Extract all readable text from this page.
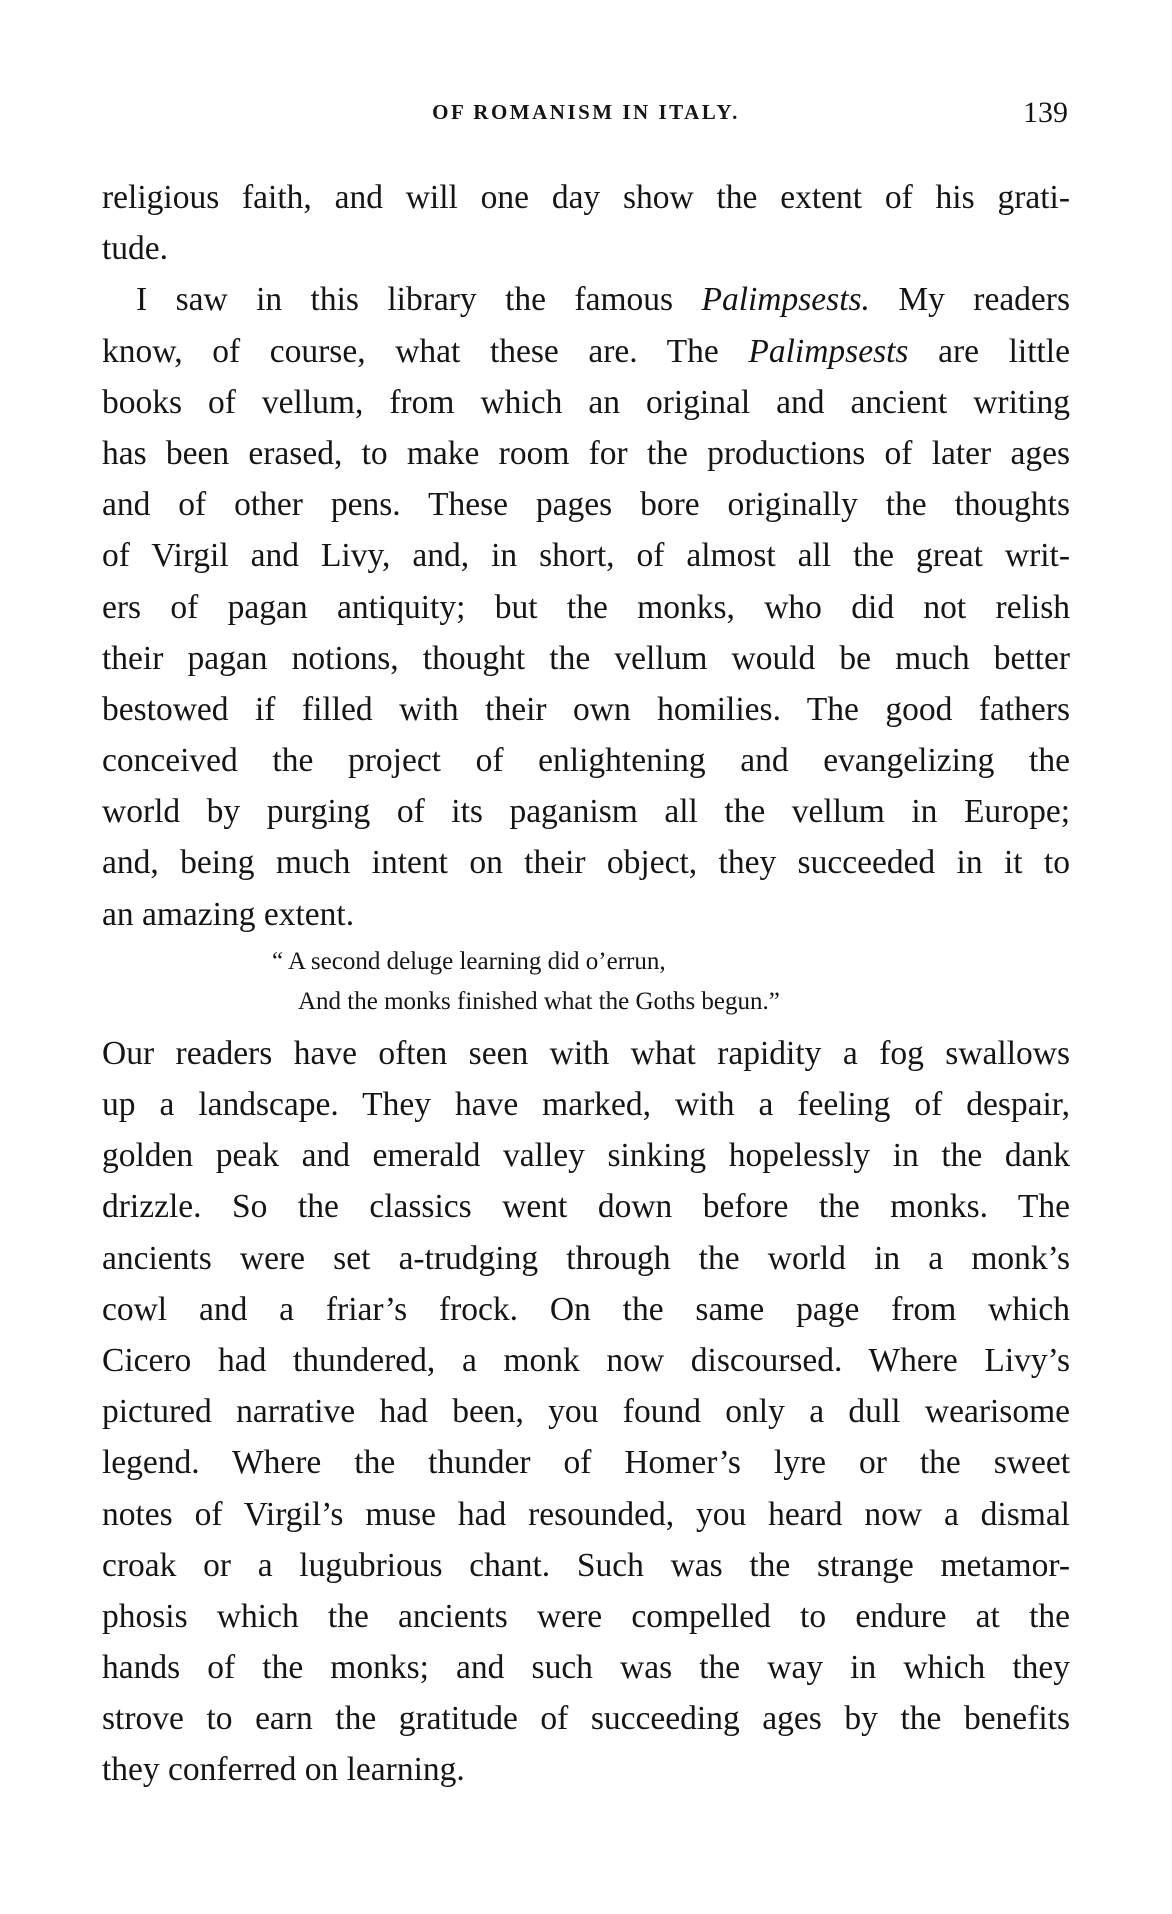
OF ROMANISM IN ITALY.	139
religious faith, and will one day show the extent of his grati-
tude.
I saw in this library the famous Palimpsests. My readers
know, of course, what these are. The Palimpsests are little
books of vellum, from which an original and ancient writing
has been erased, to make room for the productions of later ages
and of other pens. These pages bore originally the thoughts
of Virgil and Livy, and, in short, of almost all the great writ-
ers of pagan antiquity; but the monks, who did not relish
their pagan notions, thought the vellum would be much better
bestowed if filled with their own homilies. The good fathers
conceived the project of enlightening and evangelizing the
world by purging of its paganism all the vellum in Europe;
and, being much intent on their object, they succeeded in it to
an amazing extent.
“ A second deluge learning did o’errun,
And the monks finished what the Goths begun.”
Our readers have often seen with what rapidity a fog swallows
up a landscape. They have marked, with a feeling of despair,
golden peak and emerald valley sinking hopelessly in the dank
drizzle. So the classics went down before the monks. The
ancients were set a-trudging through the world in a monk’s
cowl and a friar’s frock. On the same page from which
Cicero had thundered, a monk now discoursed. Where Livy’s
pictured narrative had been, you found only a dull wearisome
legend. Where the thunder of Homer’s lyre or the sweet
notes of Virgil’s muse had resounded, you heard now a dismal
croak or a lugubrious chant. Such was the strange metamor-
phosis which the ancients were compelled to endure at the
hands of the monks; and such was the way in which they
strove to earn the gratitude of succeeding ages by the benefits
they conferred on learning.
